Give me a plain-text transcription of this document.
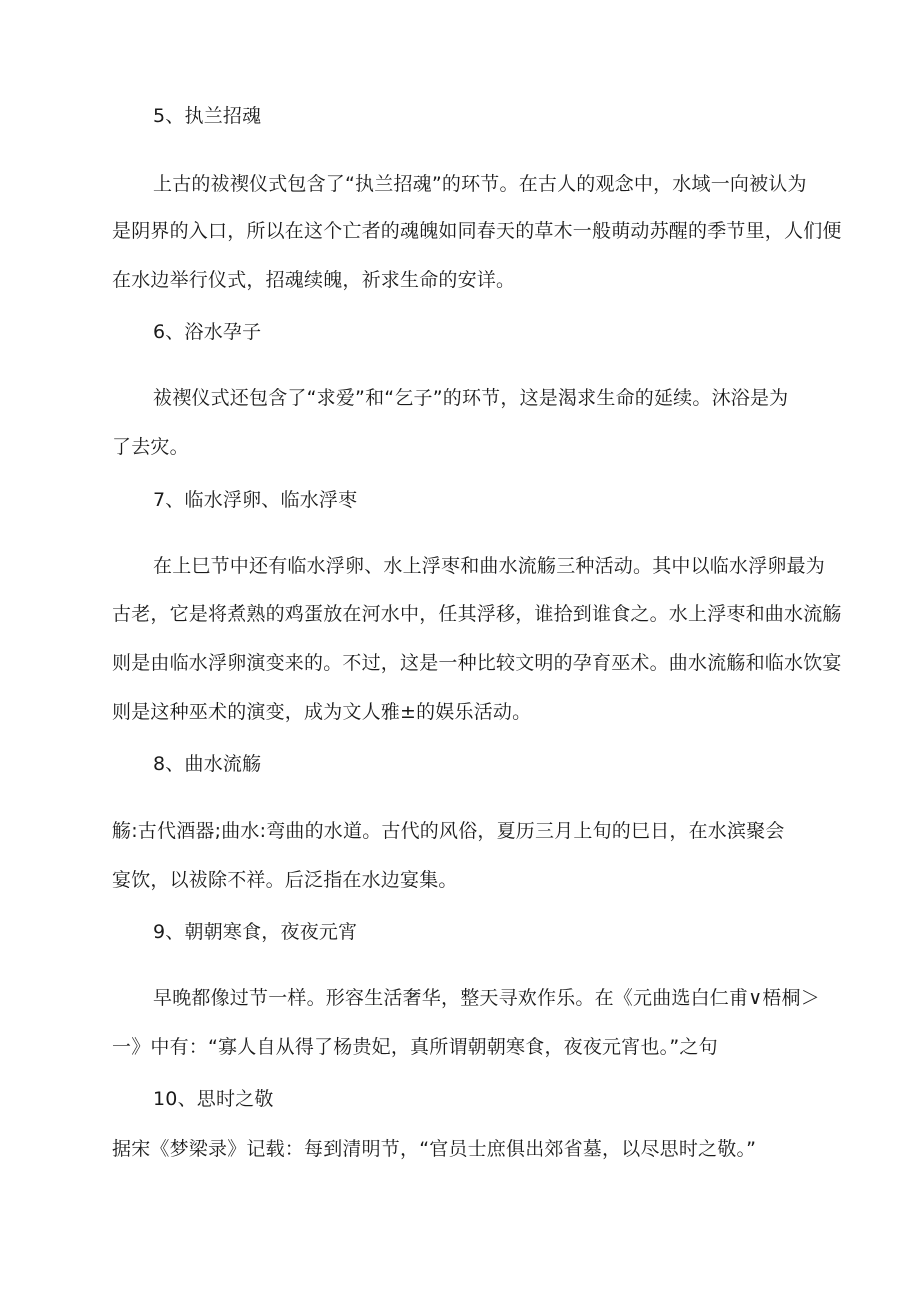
5、执兰招魂
上古的祓禊仪式包含了“执兰招魂”的环节。在古人的观念中，水域一向被认为
是阴界的入口，所以在这个亡者的魂魄如同春天的草木一般萌动苏醒的季节里，人们便
在水边举行仪式，招魂续魄，祈求生命的安详。
6、浴水孕子
祓禊仪式还包含了“求爱”和“乞子”的环节，这是渴求生命的延续。沐浴是为
了去灾。
7、临水浮卵、临水浮枣
在上巳节中还有临水浮卵、水上浮枣和曲水流觞三种活动。其中以临水浮卵最为
古老，它是将煮熟的鸡蛋放在河水中，任其浮移，谁拾到谁食之。水上浮枣和曲水流觞
则是由临水浮卵演变来的。不过，这是一种比较文明的孕育巫术。曲水流觞和临水饮宴
则是这种巫术的演变，成为文人雅±的娱乐活动。
8、曲水流觞
觞:古代酒器;曲水:弯曲的水道。古代的风俗，夏历三月上旬的巳日，在水滨聚会
宴饮，以祓除不祥。后泛指在水边宴集。
9、朝朝寒食，夜夜元宵
早晚都像过节一样。形容生活奢华，整天寻欢作乐。在《元曲选白仁甫∨梧桐＞
一》中有：“寡人自从得了杨贵妃，真所谓朝朝寒食，夜夜元宵也。”之句
10、思时之敬
据宋《梦梁录》记载：每到清明节，“官员士庶俱出郊省墓，以尽思时之敬。”
